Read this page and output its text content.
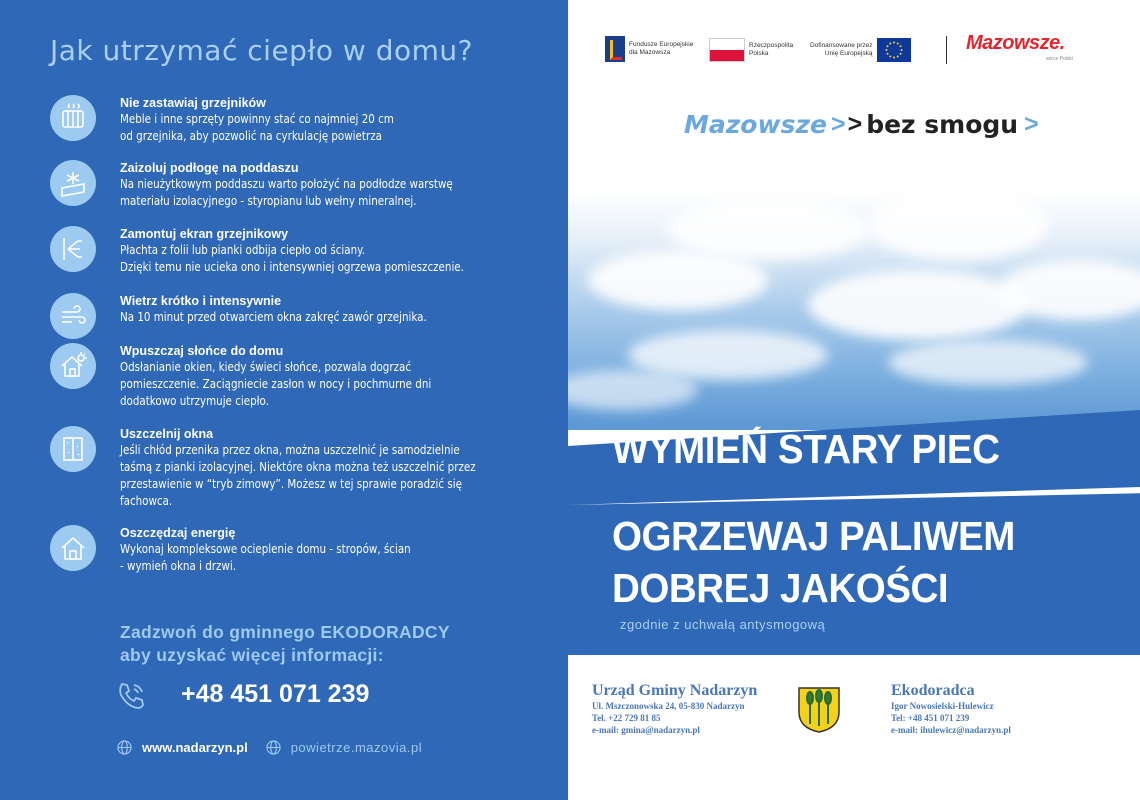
Jak utrzymać ciepło w domu?
Nie zastawiaj grzejników
Meble i inne sprzęty powinny stać co najmniej 20 cm
od grzejnika, aby pozwolić na cyrkulację powietrza
Zaizoluj podłogę na poddaszu
Na nieużytkowym poddaszu warto położyć na podłodze warstwę
materiału izolacyjnego - styropianu lub wełny mineralnej.
Zamontuj ekran grzejnikowy
Płachta z folii lub pianki odbija ciepło od ściany.
Dzięki temu nie ucieka ono i intensywniej ogrzewa pomieszczenie.
Wietrz krótko i intensywnie
Na 10 minut przed otwarciem okna zakręć zawór grzejnika.
Wpuszczaj słońce do domu
Odsłanianie okien, kiedy świeci słońce, pozwala dogrzać
pomieszczenie. Zaciągniecie zasłon w nocy i pochmurne dni
dodatkowo utrzymuje ciepło.
Uszczelnij okna
Jeśli chłód przenika przez okna, można uszczelnić je samodzielnie
taśmą z pianki izolacyjnej. Niektóre okna można też uszczelnić przez
przestawienie w “tryb zimowy”. Możesz w tej sprawie poradzić się
fachowca.
Oszczędzaj energię
Wykonaj kompleksowe ocieplenie domu - stropów, ścian
- wymień okna i drzwi.
Zadzwoń do gminnego EKODORADCY
aby uzyskać więcej informacji:
+48 451 071 239
www.nadarzyn.pl	powietrze.mazovia.pl
Fundusze Europejskie
dla Mazowsza
Rzeczpospolita
Polska
Dofinansowane przez
Unię Europejską	Mazowsze.
serce Polski
Mazowsze > > bez smogu >
WYMIEŃ STARY PIEC
OGRZEWAJ PALIWEM
DOBREJ JAKOŚCI
zgodnie z uchwałą antysmogową
Urząd Gminy Nadarzyn
Ul. Mszczonowska 24, 05-830 Nadarzyn
Tel. +22 729 81 85
e-mail: gmina@nadarzyn.pl
Ekodoradca
Igor Nowosielski-Hulewicz
Tel: +48 451 071 239
e-mail: ihulewicz@nadarzyn.pl
